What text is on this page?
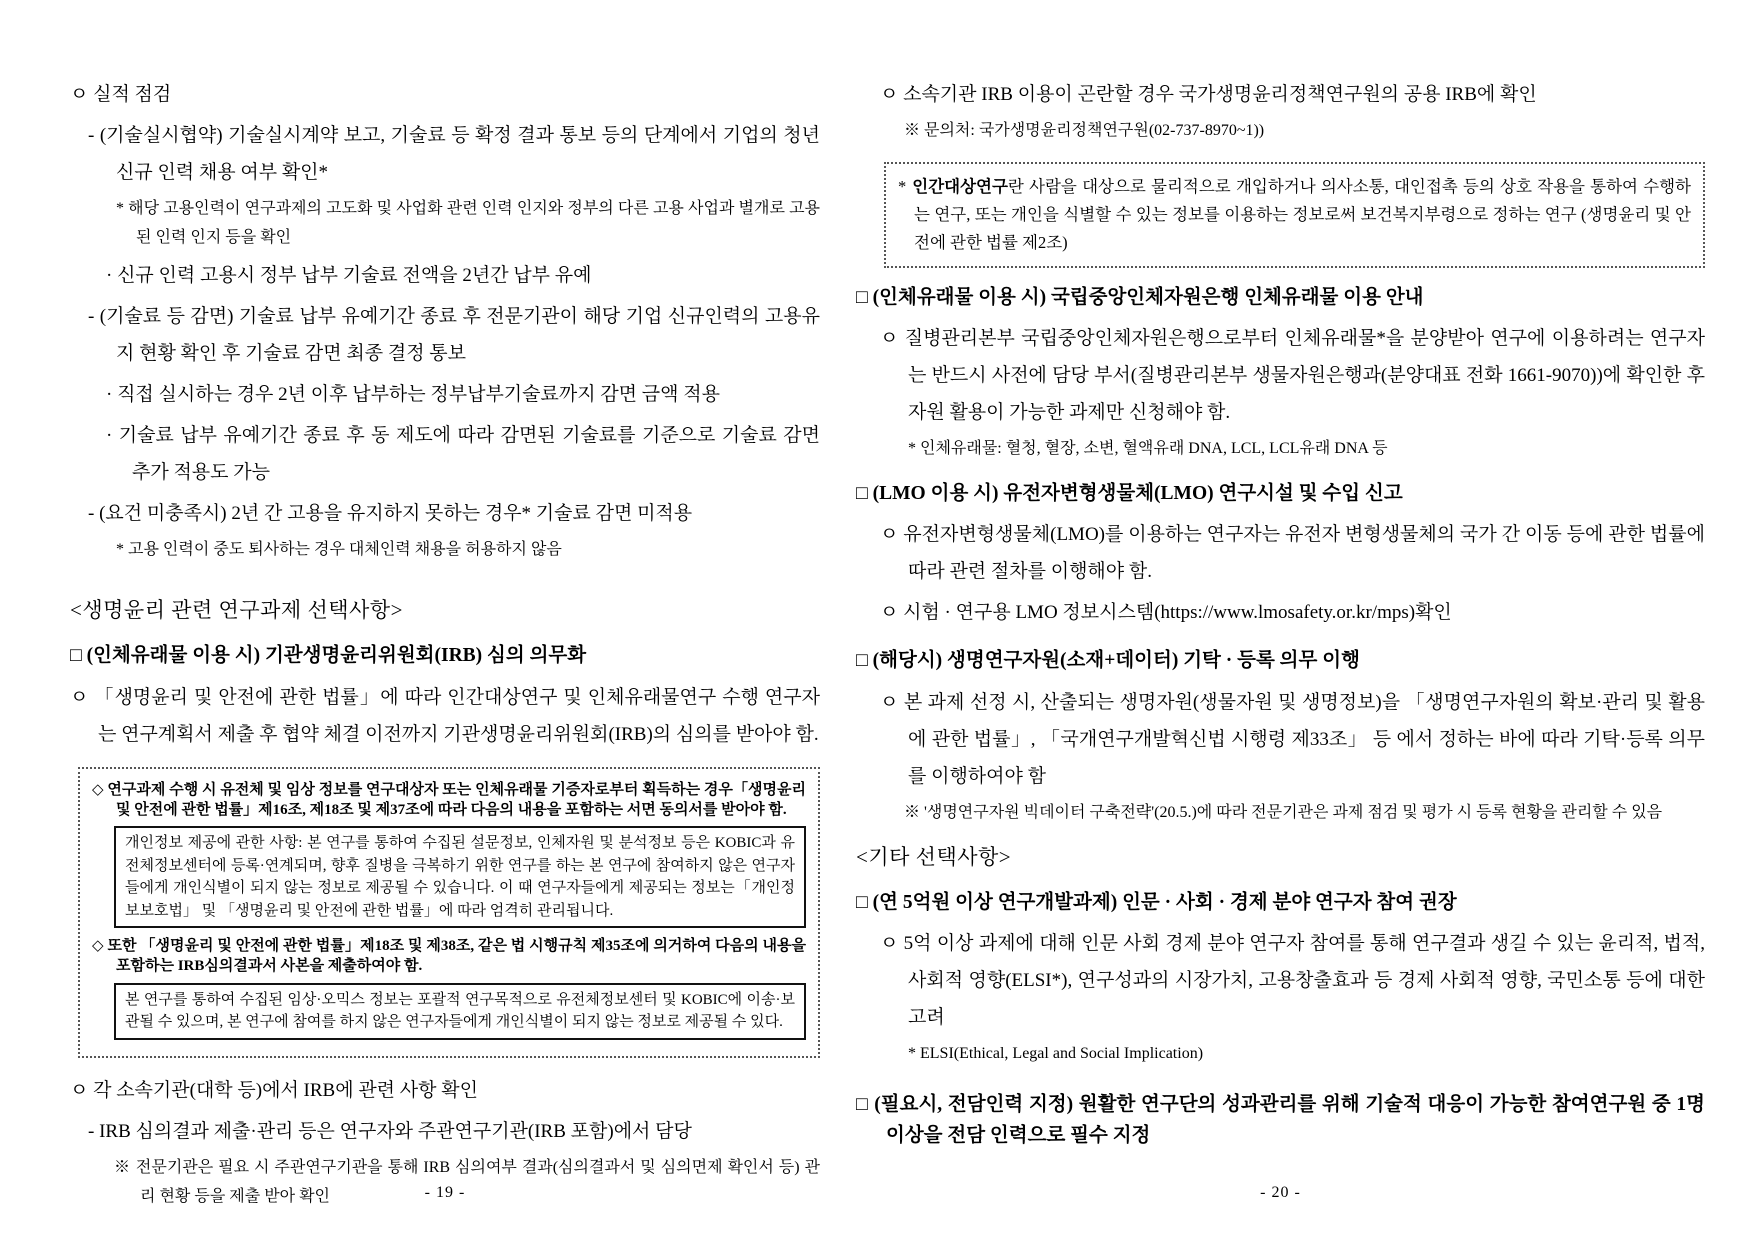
ㅇ 실적 점검

- (기술실시협약) 기술실시계약 보고, 기술료 등 확정 결과 통보 등의 단계에서 기업의 청년 신규 인력 채용 여부 확인*

* 해당 고용인력이 연구과제의 고도화 및 사업화 관련 인력 인지와 정부의 다른 고용 사업과 별개로 고용된 인력 인지 등을 확인

· 신규 인력 고용시 정부 납부 기술료 전액을 2년간 납부 유예

- (기술료 등 감면) 기술료 납부 유예기간 종료 후 전문기관이 해당 기업 신규인력의 고용유지 현황 확인 후 기술료 감면 최종 결정 통보

· 직접 실시하는 경우 2년 이후 납부하는 정부납부기술료까지 감면 금액 적용

· 기술료 납부 유예기간 종료 후 동 제도에 따라 감면된 기술료를 기준으로 기술료 감면 추가 적용도 가능

- (요건 미충족시) 2년 간 고용을 유지하지 못하는 경우* 기술료 감면 미적용

* 고용 인력이 중도 퇴사하는 경우 대체인력 채용을 허용하지 않음

<생명윤리 관련 연구과제 선택사항>

□ (인체유래물 이용 시) 기관생명윤리위원회(IRB) 심의 의무화

ㅇ 「생명윤리 및 안전에 관한 법률」에 따라 인간대상연구 및 인체유래물연구 수행 연구자는 연구계획서 제출 후 협약 체결 이전까지 기관생명윤리위원회(IRB)의 심의를 받아야 함.

◇ 연구과제 수행 시 유전체 및 임상 정보를 연구대상자 또는 인체유래물 기증자로부터 획득하는 경우「생명윤리 및 안전에 관한 법률」제16조, 제18조 및 제37조에 따라 다음의 내용을 포함하는 서면 동의서를 받아야 함.

개인정보 제공에 관한 사항: 본 연구를 통하여 수집된 설문정보, 인체자원 및 분석정보 등은 KOBIC과 유전체정보센터에 등록·연계되며, 향후 질병을 극복하기 위한 연구를 하는 본 연구에 참여하지 않은 연구자들에게 개인식별이 되지 않는 정보로 제공될 수 있습니다. 이 때 연구자들에게 제공되는 정보는「개인정보보호법」 및 「생명윤리 및 안전에 관한 법률」에 따라 엄격히 관리됩니다.

◇ 또한 「생명윤리 및 안전에 관한 법률」제18조 및 제38조, 같은 법 시행규칙 제35조에 의거하여 다음의 내용을 포함하는 IRB심의결과서 사본을 제출하여야 함.

본 연구를 통하여 수집된 임상·오믹스 정보는 포괄적 연구목적으로 유전체정보센터 및 KOBIC에 이송·보관될 수 있으며, 본 연구에 참여를 하지 않은 연구자들에게 개인식별이 되지 않는 정보로 제공될 수 있다.

ㅇ 각 소속기관(대학 등)에서 IRB에 관련 사항 확인

- IRB 심의결과 제출·관리 등은 연구자와 주관연구기관(IRB 포함)에서 담당

※ 전문기관은 필요 시 주관연구기관을 통해 IRB 심의여부 결과(심의결과서 및 심의면제 확인서 등) 관리 현황 등을 제출 받아 확인	- 19 -

ㅇ 소속기관 IRB 이용이 곤란할 경우 국가생명윤리정책연구원의 공용 IRB에 확인

※ 문의처: 국가생명윤리정책연구원(02-737-8970~1))

* 인간대상연구란 사람을 대상으로 물리적으로 개입하거나 의사소통, 대인접촉 등의 상호 작용을 통하여 수행하는 연구, 또는 개인을 식별할 수 있는 정보를 이용하는 정보로써 보건복지부령으로 정하는 연구 (생명윤리 및 안전에 관한 법률 제2조)

□ (인체유래물 이용 시) 국립중앙인체자원은행 인체유래물 이용 안내

ㅇ 질병관리본부 국립중앙인체자원은행으로부터 인체유래물*을 분양받아 연구에 이용하려는 연구자는 반드시 사전에 담당 부서(질병관리본부 생물자원은행과(분양대표 전화 1661-9070))에 확인한 후 자원 활용이 가능한 과제만 신청해야 함.

* 인체유래물: 혈청, 혈장, 소변, 혈액유래 DNA, LCL, LCL유래 DNA 등

□ (LMO 이용 시) 유전자변형생물체(LMO) 연구시설 및 수입 신고

ㅇ 유전자변형생물체(LMO)를 이용하는 연구자는 유전자 변형생물체의 국가 간 이동 등에 관한 법률에 따라 관련 절차를 이행해야 함.

ㅇ 시험 · 연구용 LMO 정보시스템(https://www.lmosafety.or.kr/mps)확인

□ (해당시) 생명연구자원(소재+데이터) 기탁 · 등록 의무 이행

ㅇ 본 과제 선정 시, 산출되는 생명자원(생물자원 및 생명정보)을 「생명연구자원의 확보·관리 및 활용에 관한 법률」, 「국개연구개발혁신법 시행령 제33조」 등 에서 정하는 바에 따라 기탁·등록 의무를 이행하여야 함

※ '생명연구자원 빅데이터 구축전략'(20.5.)에 따라 전문기관은 과제 점검 및 평가 시 등록 현황을 관리할 수 있음

<기타 선택사항>

□ (연 5억원 이상 연구개발과제) 인문 · 사회 · 경제 분야 연구자 참여 권장

ㅇ 5억 이상 과제에 대해 인문 사회 경제 분야 연구자 참여를 통해 연구결과 생길 수 있는 윤리적, 법적, 사회적 영향(ELSI*), 연구성과의 시장가치, 고용창출효과 등 경제 사회적 영향, 국민소통 등에 대한 고려

* ELSI(Ethical, Legal and Social Implication)

□ (필요시, 전담인력 지정) 원활한 연구단의 성과관리를 위해 기술적 대응이 가능한 참여연구원 중 1명 이상을 전담 인력으로 필수 지정

- 20 -
